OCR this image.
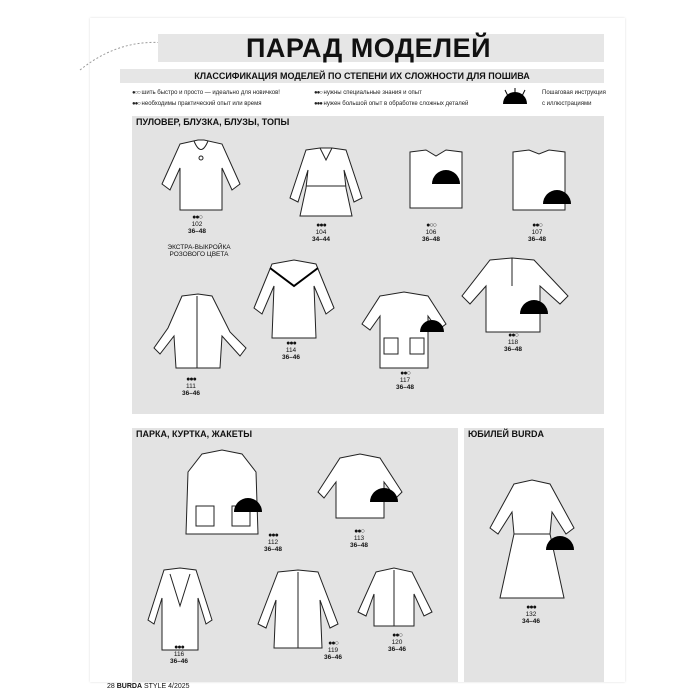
ПАРАД МОДЕЛЕЙ
КЛАССИФИКАЦИЯ МОДЕЛЕЙ ПО СТЕПЕНИ ИХ СЛОЖНОСТИ ДЛЯ ПОШИВА
●○○ шить быстро и просто — идеально для новичков!	●●○ нужны специальные знания и опыт	Пошаговая инструкция
●●○ необходимы практический опыт или время	●●● нужен большой опыт в обработке сложных деталей	с иллюстрациями
ПУЛОВЕР, БЛУЗКА, БЛУЗЫ, ТОПЫ
ПАРКА, КУРТКА, ЖАКЕТЫ	ЮБИЛЕЙ BURDA
ЭКСТРА-ВЫКРОЙКА РОЗОВОГО ЦВЕТА
●●○
102
36–48
●●●
104
34–44
●○○
106
36–48
●●○
107
36–48
●●●
111
36–46
●●●
114
36–46
●●○
117
36–48
●●○
118
36–48
●●●
112
36–48
●●○
113
36–48
●●●
116
36–46
●●○
119
36–46
●●○
120
36–46
●●●
132
34–46
28 BURDA STYLE 4/2025
